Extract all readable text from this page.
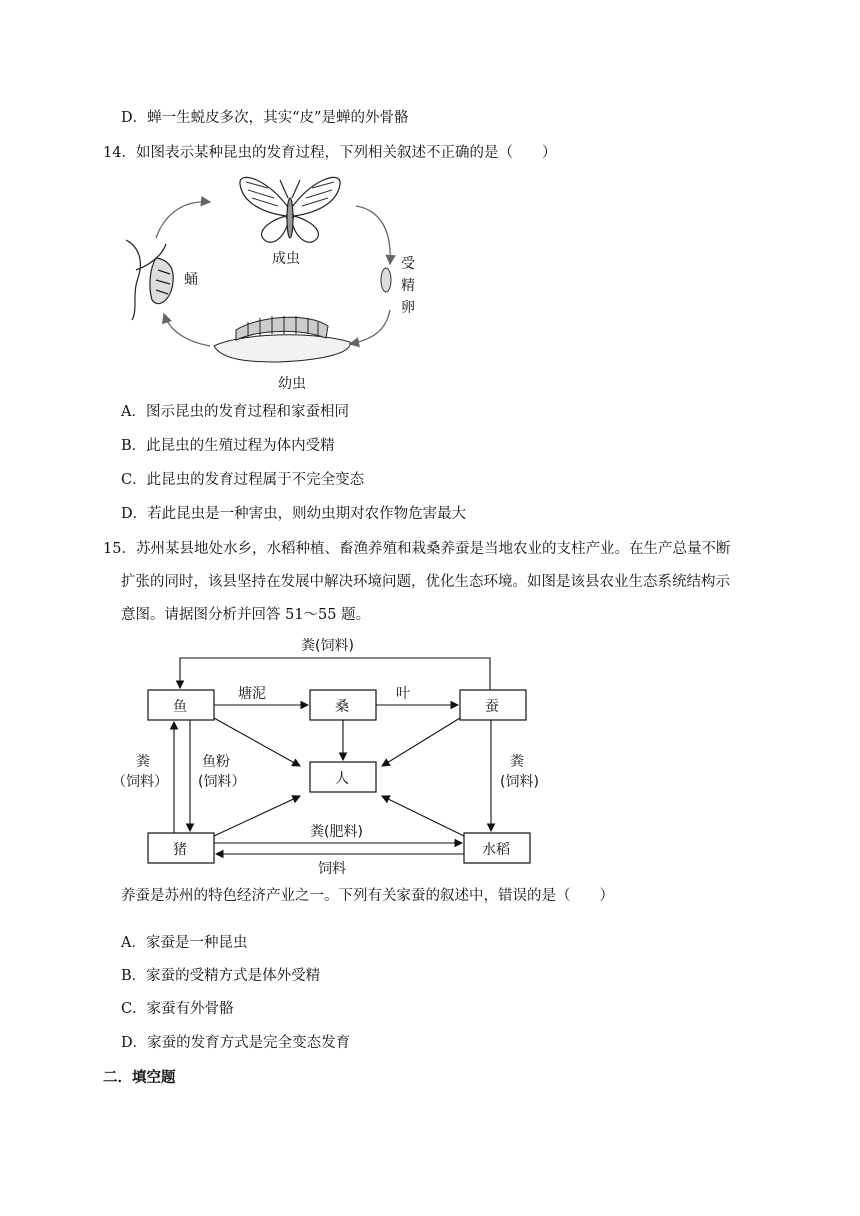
D．蝉一生蜕皮多次，其实“皮”是蝉的外骨骼
14．如图表示某种昆虫的发育过程，下列相关叙述不正确的是（　　）
成虫	受
精
卵
幼虫
蛹
A．图示昆虫的发育过程和家蚕相同
B．此昆虫的生殖过程为体内受精
C．此昆虫的发育过程属于不完全变态
D．若此昆虫是一种害虫，则幼虫期对农作物危害最大
15．苏州某县地处水乡，水稻种植、畜渔养殖和栽桑养蚕是当地农业的支柱产业。在生产总量不断
扩张的同时，该县坚持在发展中解决环境问题，优化生态环境。如图是该县农业生态系统结构示
意图。请据图分析并回答 51～55 题。
鱼	桑	蚕
人
猪	水稻
粪(饲料)
塘泥	叶
粪
（饲料）
鱼粉
(饲料）
粪
(饲料)
粪(肥料)
饲料
养蚕是苏州的特色经济产业之一。下列有关家蚕的叙述中，错误的是（　　）
A．家蚕是一种昆虫
B．家蚕的受精方式是体外受精
C．家蚕有外骨骼
D．家蚕的发育方式是完全变态发育
二．填空题
